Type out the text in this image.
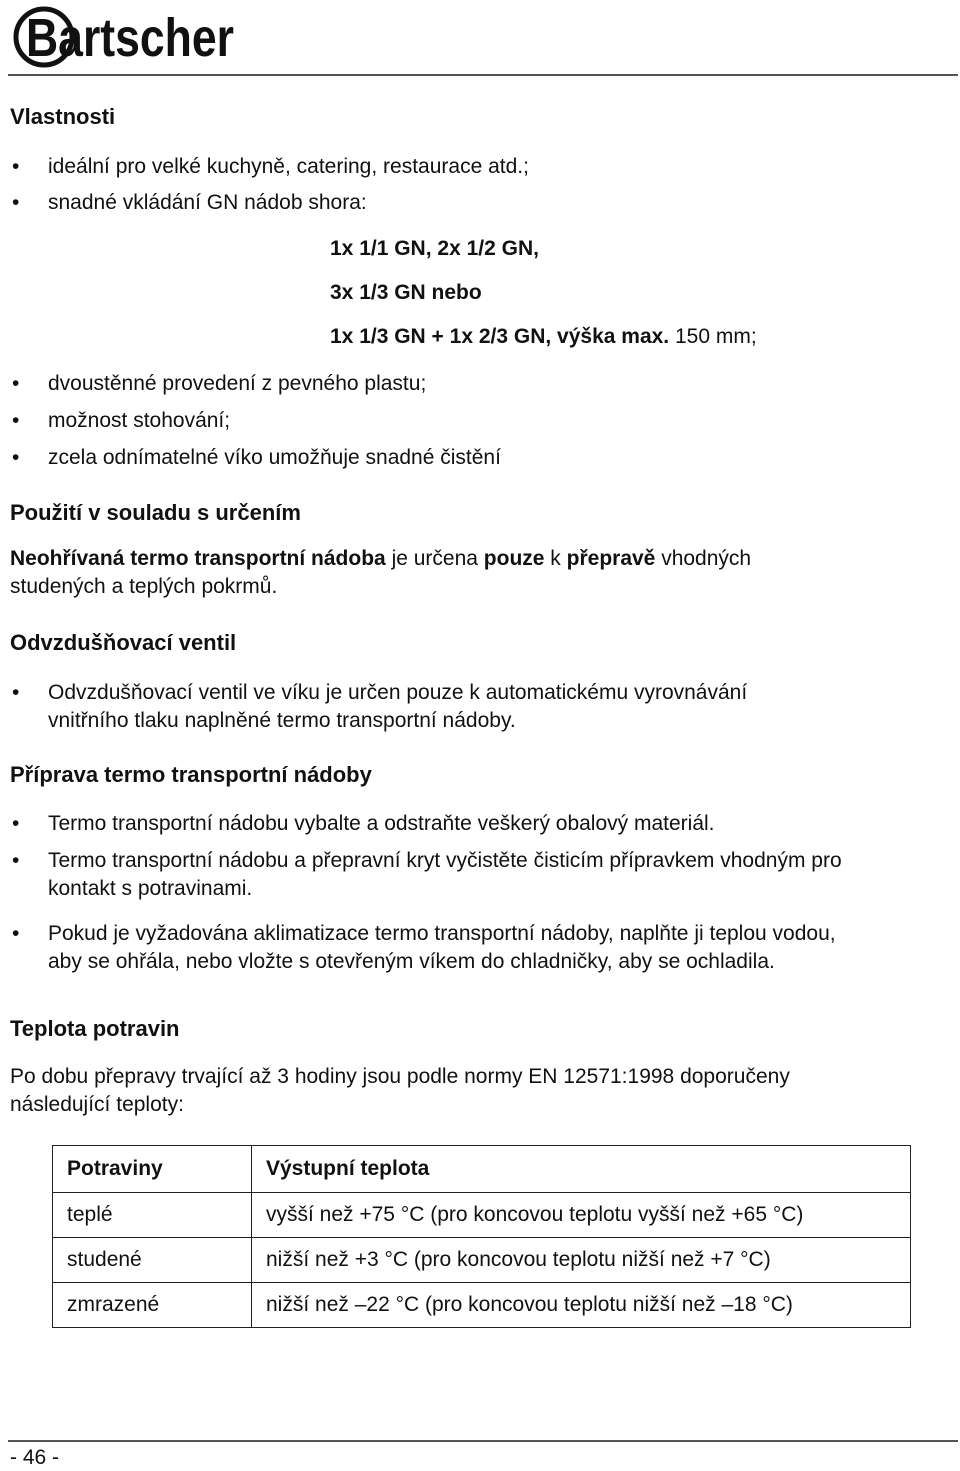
Bartscher
Vlastnosti
• ideální pro velké kuchyně, catering, restaurace atd.;

• snadné vkládání GN nádob shora:

1x 1/1 GN, 2x 1/2 GN,
3x 1/3 GN nebo
1x 1/3 GN + 1x 2/3 GN, výška max. 150 mm;
• dvoustěnné provedení z pevného plastu;

• možnost stohování;

• zcela odnímatelné víko umožňuje snadné čistění

Použití v souladu s určením

Neohřívaná termo transportní nádoba je určena pouze k přepravě vhodných
studených a teplých pokrmů.

Odvzdušňovací ventil
• Odvzdušňovací ventil ve víku je určen pouze k automatickému vyrovnávání
vnitřního tlaku naplněné termo transportní nádoby.

Příprava termo transportní nádoby
• Termo transportní nádobu vybalte a odstraňte veškerý obalový materiál.

• Termo transportní nádobu a přepravní kryt vyčistěte čisticím přípravkem vhodným pro
kontakt s potravinami.

• Pokud je vyžadována aklimatizace termo transportní nádoby, naplňte ji teplou vodou,
aby se ohřála, nebo vložte s otevřeným víkem do chladničky, aby se ochladila.

Teplota potravin

Po dobu přepravy trvající až 3 hodiny jsou podle normy EN 12571:1998 doporučeny
následující teploty:

Potraviny	Výstupní teplota
teplé	vyšší než +75 °C (pro koncovou teplotu vyšší než +65 °C)
studené	nižší než +3 °C (pro koncovou teplotu nižší než +7 °C)
zmrazené	nižší než –22 °C (pro koncovou teplotu nižší než –18 °C)
- 46 -
